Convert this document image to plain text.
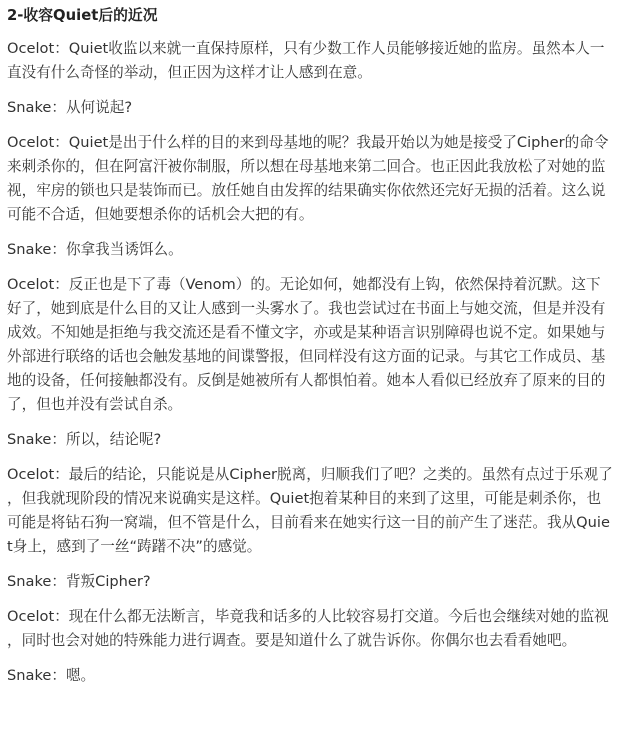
2-收容Quiet后的近况

Ocelot：Quiet收监以来就一直保持原样，只有少数工作人员能够接近她的监房。虽然本人一直没有什么奇怪的举动，但正因为这样才让人感到在意。

Snake：从何说起?

Ocelot：Quiet是出于什么样的目的来到母基地的呢？我最开始以为她是接受了Cipher的命令来刺杀你的，但在阿富汗被你制服，所以想在母基地来第二回合。也正因此我放松了对她的监视，牢房的锁也只是装饰而已。放任她自由发挥的结果确实你依然还完好无损的活着。这么说可能不合适，但她要想杀你的话机会大把的有。

Snake：你拿我当诱饵么。

Ocelot：反正也是下了毒（Venom）的。无论如何，她都没有上钩，依然保持着沉默。这下好了，她到底是什么目的又让人感到一头雾水了。我也尝试过在书面上与她交流，但是并没有成效。不知她是拒绝与我交流还是看不懂文字，亦或是某种语言识别障碍也说不定。如果她与外部进行联络的话也会触发基地的间谍警报，但同样没有这方面的记录。与其它工作成员、基地的设备，任何接触都没有。反倒是她被所有人都惧怕着。她本人看似已经放弃了原来的目的了，但也并没有尝试自杀。

Snake：所以，结论呢?

Ocelot：最后的结论，只能说是从Cipher脱离，归顺我们了吧？之类的。虽然有点过于乐观了，但我就现阶段的情况来说确实是这样。Quiet抱着某种目的来到了这里，可能是刺杀你，也可能是将钻石狗一窝端，但不管是什么，目前看来在她实行这一目的前产生了迷茫。我从Quiet身上，感到了一丝“踌躇不决”的感觉。

Snake：背叛Cipher?

Ocelot：现在什么都无法断言，毕竟我和话多的人比较容易打交道。今后也会继续对她的监视，同时也会对她的特殊能力进行调查。要是知道什么了就告诉你。你偶尔也去看看她吧。

Snake：嗯。
